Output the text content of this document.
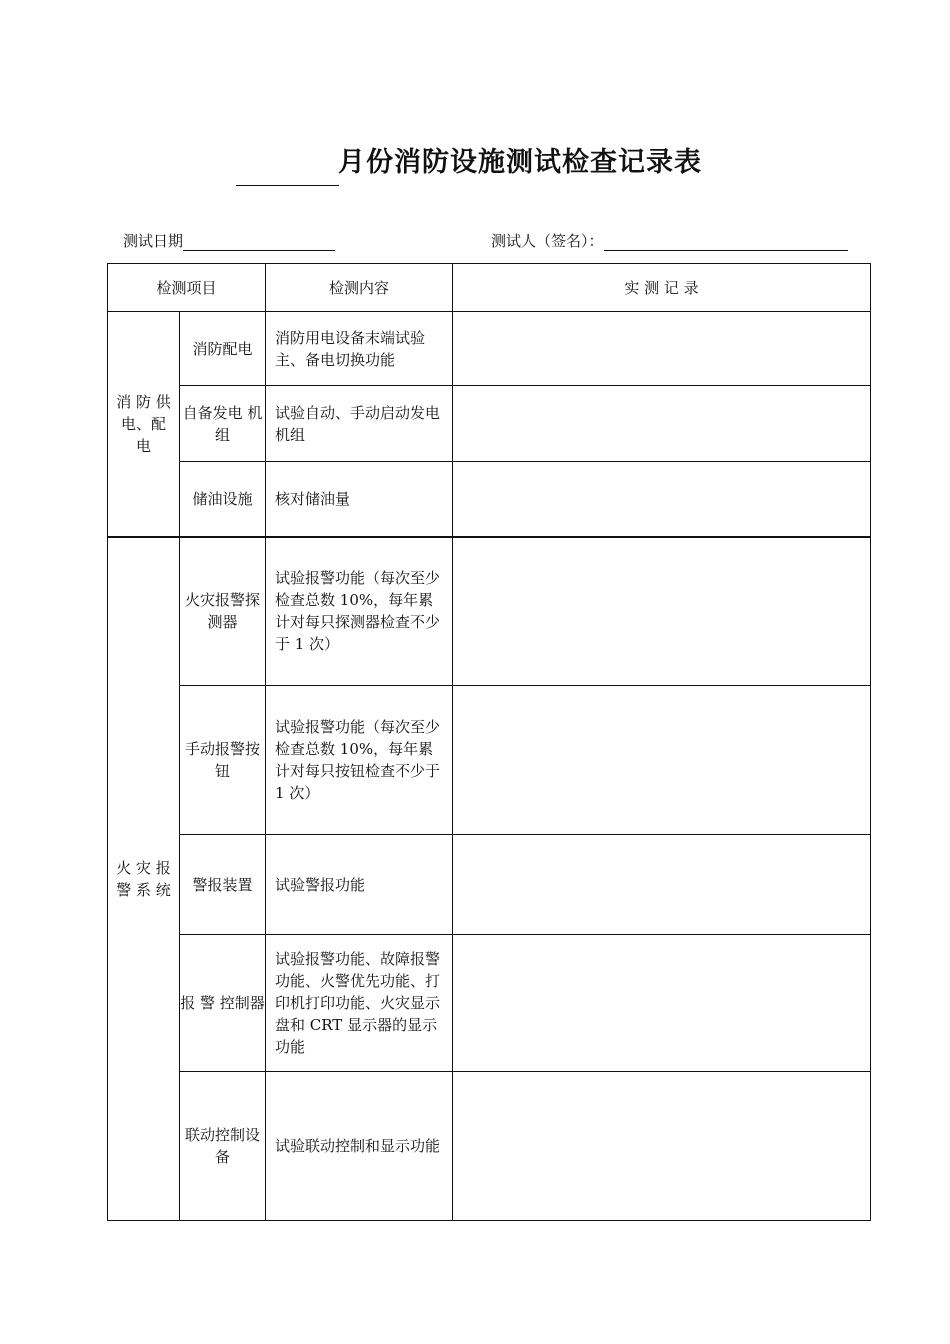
月份消防设施测试检查记录表
测试日期	测试人（签名）：
检测项目		检测内容	实 测 记 录
消 防 供 电、配 电	消防配电	消防用电设备末端试验主、备电切换功能	
	自备发电 机 组	试验自动、手动启动发电机组	
	储油设施	核对储油量	
火 灾 报 警 系 统	火灾报警探测器	试验报警功能（每次至少检查总数 10%，每年累计对每只探测器检查不少于 1 次）	
	手动报警按钮	试验报警功能（每次至少检查总数 10%，每年累计对每只按钮检查不少于 1 次）	
	警报装置	试验警报功能	
	报 警 控制器	试验报警功能、故障报警功能、火警优先功能、打印机打印功能、火灾显示盘和 CRT 显示器的显示功能	
	联动控制设备	试验联动控制和显示功能	
